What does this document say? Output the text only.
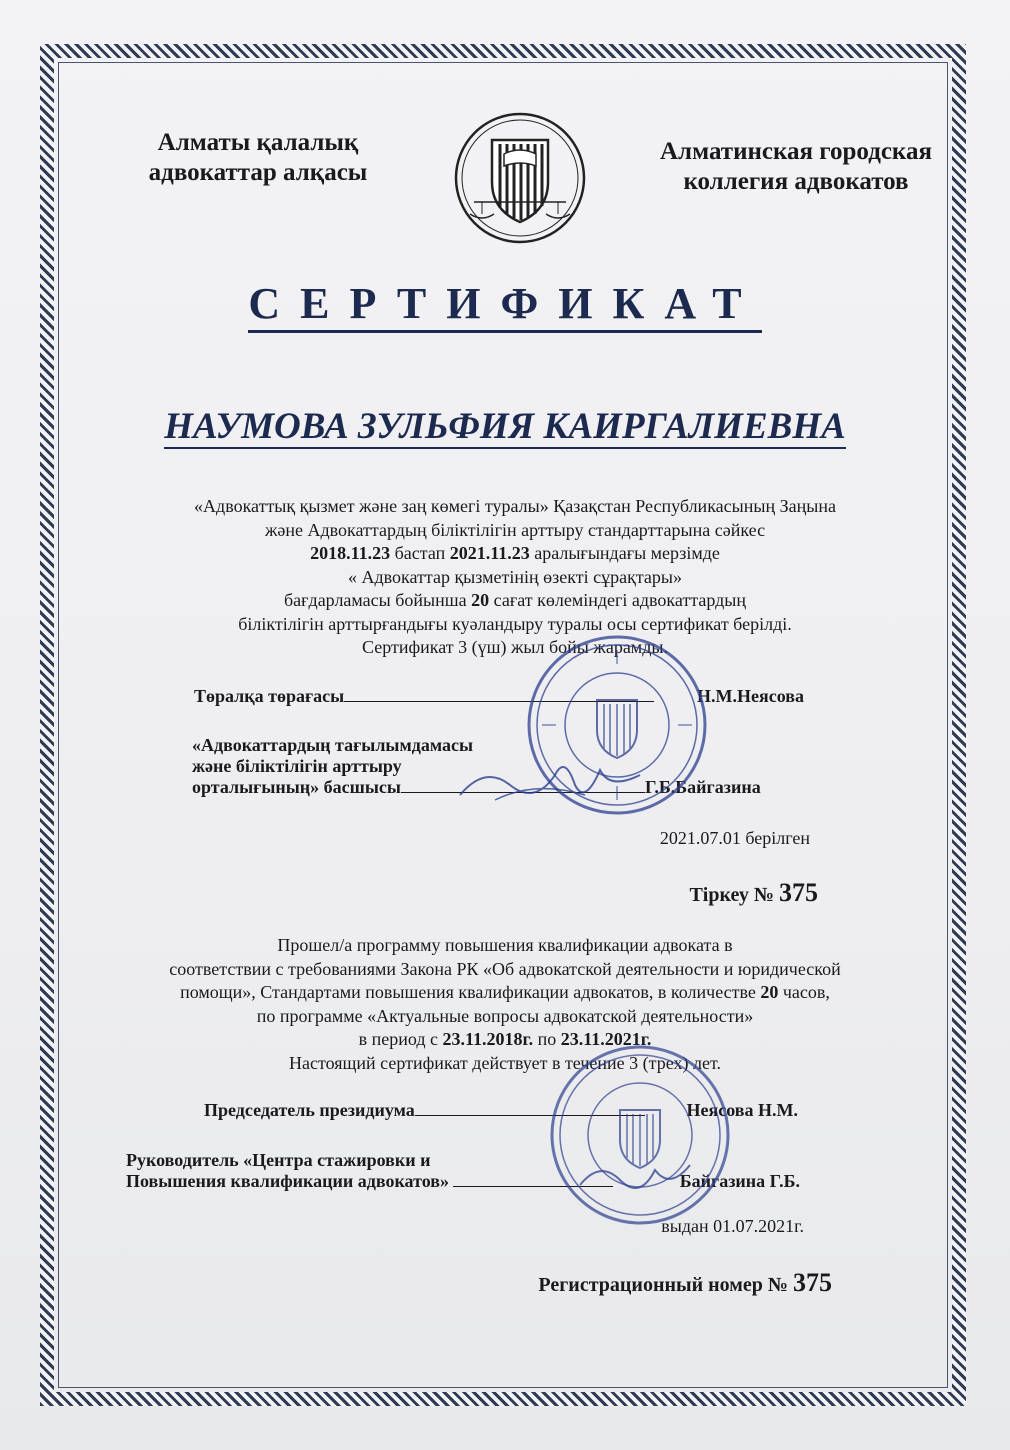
Алматы қалалық
адвокаттар алқасы
Алматинская городская
коллегия адвокатов
СЕРТИФИКАТ
НАУМОВА ЗУЛЬФИЯ КАИРГАЛИЕВНА
«Адвокаттық қызмет және заң көмегі туралы» Қазақстан Республикасының Заңына
және Адвокаттардың біліктілігін арттыру стандарттарына сәйкес
2018.11.23 бастап 2021.11.23 аралығындағы мерзімде
« Адвокаттар қызметінің өзекті сұрақтары»
бағдарламасы бойынша 20 сағат көлеміндегі адвокаттардың
біліктілігін арттырғандығы куәландыру туралы осы сертификат берілді.
Сертификат 3 (үш) жыл бойы жарамды.
Төралқа төрағасы	Н.М.Неясова
«Адвокаттардың тағылымдамасы
және біліктілігін арттыру
орталығының» басшысы	Г.Б.Байгазина
2021.07.01 берілген
Тіркеу № 375
Прошел/а программу повышения квалификации адвоката в
соответствии с требованиями Закона РК «Об адвокатской деятельности и юридической
помощи», Стандартами повышения квалификации адвокатов, в количестве 20 часов,
по программе «Актуальные вопросы адвокатской деятельности»
в период с 23.11.2018г. по 23.11.2021г.
Настоящий сертификат действует в течение 3 (трех) лет.
Председатель президиума	Неясова Н.М.
Руководитель «Центра стажировки и
Повышения квалификации адвокатов»	Байгазина Г.Б.
выдан 01.07.2021г.
Регистрационный номер № 375
